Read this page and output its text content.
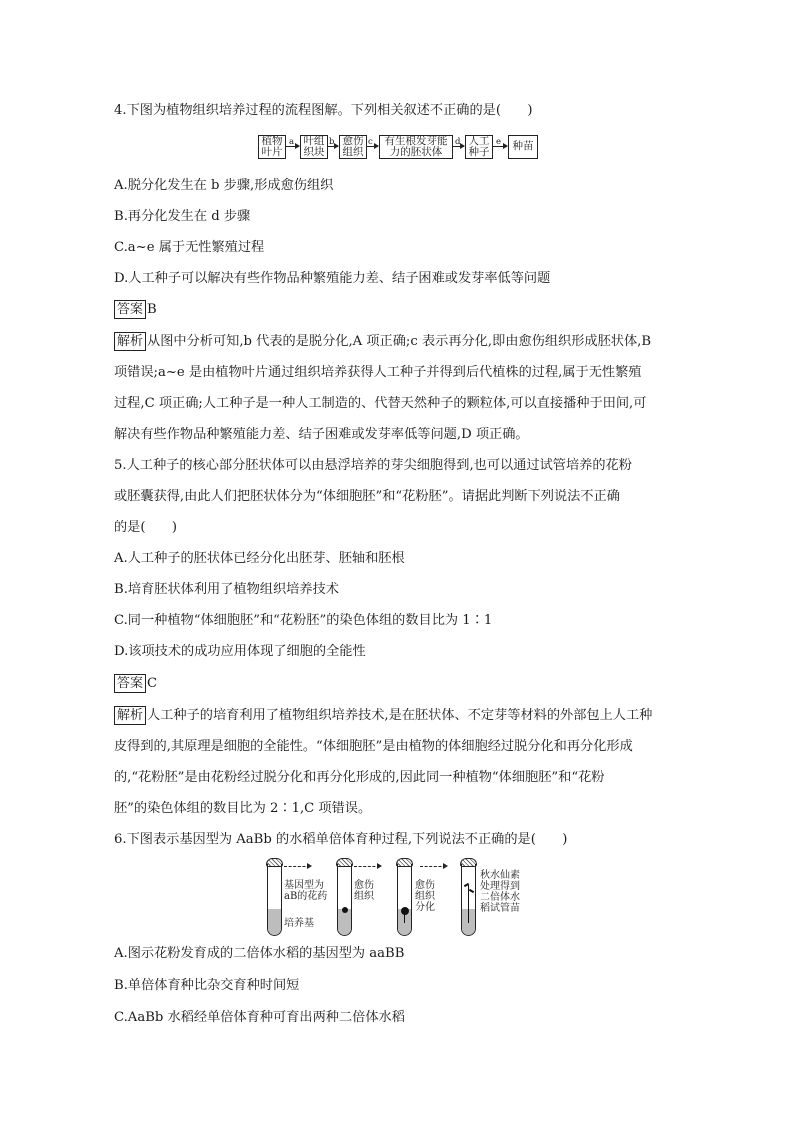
4.下图为植物组织培养过程的流程图解。下列相关叙述不正确的是(　　)
植物
叶片
a 叶组
织块
b 愈伤
组织
c 有生根发芽能
力的胚状体
d 人工
种子
e 种苗
A.脱分化发生在 b 步骤,形成愈伤组织
B.再分化发生在 d 步骤
C.a~e 属于无性繁殖过程
D.人工种子可以解决有些作物品种繁殖能力差、结子困难或发芽率低等问题
答案 B
解析 从图中分析可知,b 代表的是脱分化,A 项正确;c 表示再分化,即由愈伤组织形成胚状体,B
项错误;a~e 是由植物叶片通过组织培养获得人工种子并得到后代植株的过程,属于无性繁殖
过程,C 项正确;人工种子是一种人工制造的、代替天然种子的颗粒体,可以直接播种于田间,可
解决有些作物品种繁殖能力差、结子困难或发芽率低等问题,D 项正确。
5.人工种子的核心部分胚状体可以由悬浮培养的芽尖细胞得到,也可以通过试管培养的花粉
或胚囊获得,由此人们把胚状体分为“体细胞胚”和“花粉胚”。请据此判断下列说法不正确
的是(　　)
A.人工种子的胚状体已经分化出胚芽、胚轴和胚根
B.培育胚状体利用了植物组织培养技术
C.同一种植物“体细胞胚”和“花粉胚”的染色体组的数目比为 1∶1
D.该项技术的成功应用体现了细胞的全能性
答案 C
解析 人工种子的培育利用了植物组织培养技术,是在胚状体、不定芽等材料的外部包上人工种
皮得到的,其原理是细胞的全能性。“体细胞胚”是由植物的体细胞经过脱分化和再分化形成
的,“花粉胚”是由花粉经过脱分化和再分化形成的,因此同一种植物“体细胞胚”和“花粉
胚”的染色体组的数目比为 2∶1,C 项错误。
6.下图表示基因型为 AaBb 的水稻单倍体育种过程,下列说法不正确的是(　　)
基因型为
aB的花药
培养基
愈伤
组织
愈伤
组织
分化
秋水仙素
处理得到
二倍体水
稻试管苗
A.图示花粉发育成的二倍体水稻的基因型为 aaBB
B.单倍体育种比杂交育种时间短
C.AaBb 水稻经单倍体育种可育出两种二倍体水稻
